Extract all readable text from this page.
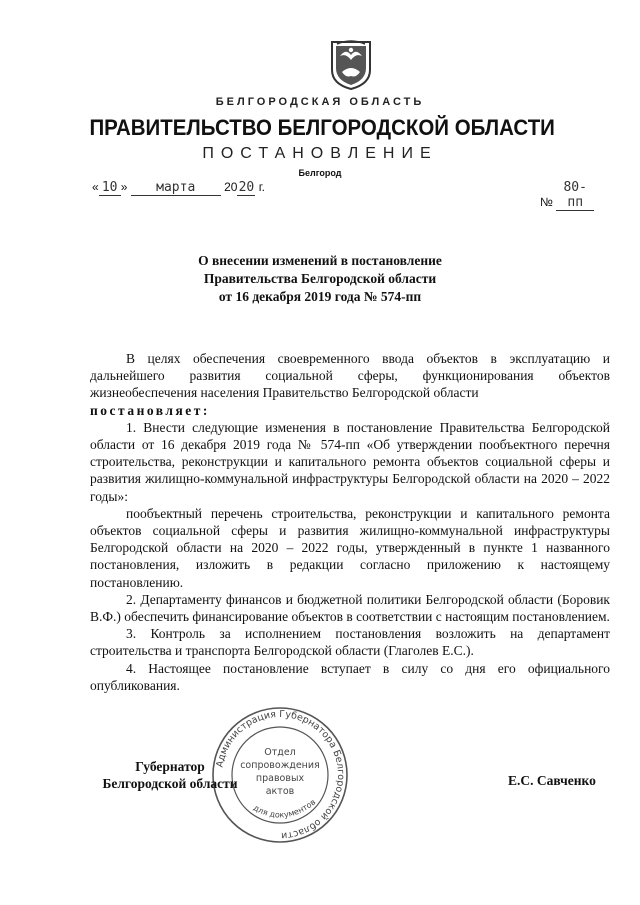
БЕЛГОРОДСКАЯ ОБЛАСТЬ
ПРАВИТЕЛЬСТВО БЕЛГОРОДСКОЙ ОБЛАСТИ
ПОСТАНОВЛЕНИЕ
Белгород
« 10 » марта 2020 г.
№ 80-пп
О внесении изменений в постановление
Правительства Белгородской области
от 16 декабря 2019 года № 574-пп

В целях обеспечения своевременного ввода объектов в эксплуатацию и дальнейшего развития социальной сферы, функционирования объектов жизнеобеспечения населения Правительство Белгородской области

постановляет:

1. Внести следующие изменения в постановление Правительства Белгородской области от 16 декабря 2019 года № 574-пп «Об утверждении пообъектного перечня строительства, реконструкции и капитального ремонта объектов социальной сферы и развития жилищно-коммунальной инфраструктуры Белгородской области на 2020 – 2022 годы»:

пообъектный перечень строительства, реконструкции и капитального ремонта объектов социальной сферы и развития жилищно-коммунальной инфраструктуры Белгородской области на 2020 – 2022 годы, утвержденный в пункте 1 названного постановления, изложить в редакции согласно приложению к настоящему постановлению.

2. Департаменту финансов и бюджетной политики Белгородской области (Боровик В.Ф.) обеспечить финансирование объектов в соответствии с настоящим постановлением.

3. Контроль за исполнением постановления возложить на департамент строительства и транспорта Белгородской области (Глаголев Е.С.).

4. Настоящее постановление вступает в силу со дня его официального опубликования.

Администрация Губернатора Белгородской области
для документов
Отдел
сопровождения
правовых
актов
Губернатор
Белгородской области	Е.С. Савченко
